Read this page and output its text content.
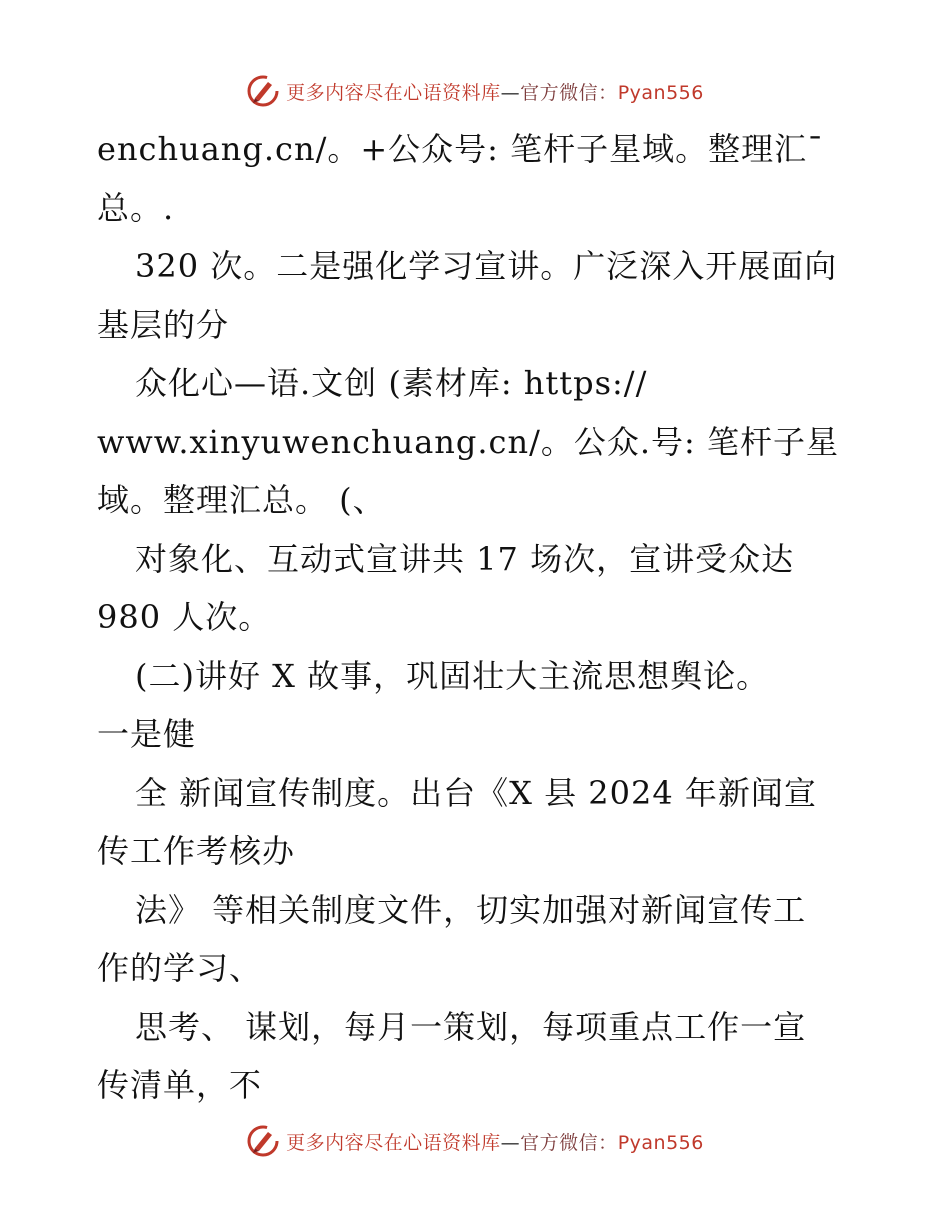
更多内容尽在心语资料库—官方微信：Pyan556
enchuang.cn/。+公众号: 笔杆子星域。整理汇¯
总。.
320 次。二是强化学习宣讲。广泛深入开展面向
基层的分
众化心—语.文创 (素材库: https://
www.xinyuwenchuang.cn/。公众.号: 笔杆子星
域。整理汇总。 (、
对象化、互动式宣讲共 17 场次，宣讲受众达
980 人次。
(二)讲好 X 故事，巩固壮大主流思想舆论。
一是健
全 新闻宣传制度。出台《X 县 2024 年新闻宣
传工作考核办
法》 等相关制度文件，切实加强对新闻宣传工
作的学习、
思考、 谋划，每月一策划，每项重点工作一宣
传清单，不
更多内容尽在心语资料库—官方微信：Pyan556
